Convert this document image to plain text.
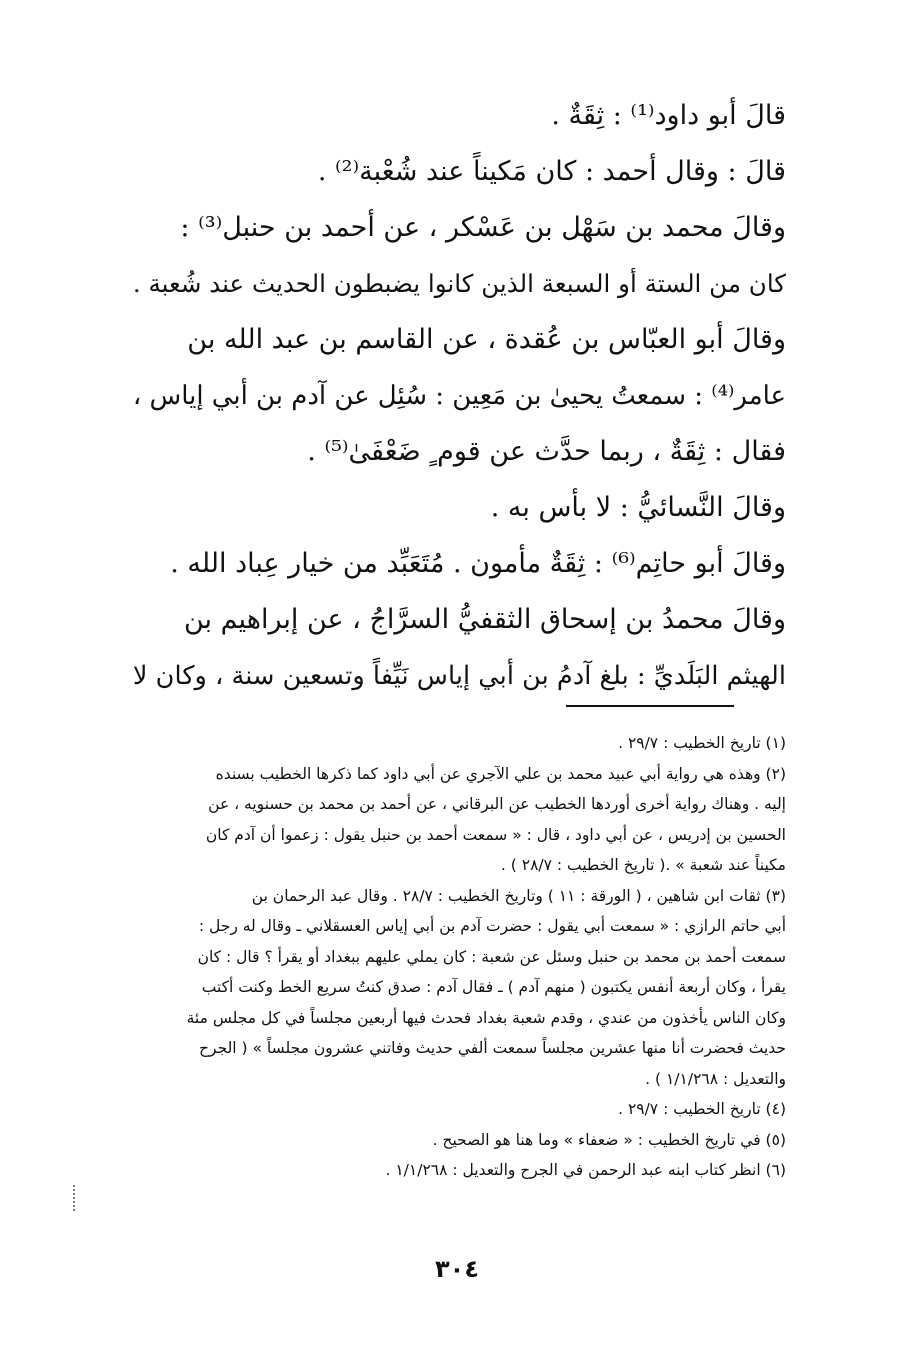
قالَ أبو داود⁽¹⁾ : ثِقَةٌ .

قالَ : وقال أحمد : كان مَكيناً عند شُعْبة⁽²⁾ .

وقالَ محمد بن سَهْل بن عَسْكر ، عن أحمد بن حنبل⁽³⁾ :

كان من الستة أو السبعة الذين كانوا يضبطون الحديث عند شُعبة .

وقالَ أبو العبّاس بن عُقدة ، عن القاسم بن عبد الله بن

عامر⁽⁴⁾ : سمعتُ يحيىٰ بن مَعِين : سُئِل عن آدم بن أبي إياس ،

فقال : ثِقَةٌ ، ربما حدَّث عن قوم ٍ ضَعْفَىٰ⁽⁵⁾ .

وقالَ النَّسائيُّ : لا بأس به .

وقالَ أبو حاتِم⁽⁶⁾ : ثِقَةٌ مأمون . مُتَعَبِّد من خيار عِباد الله .

وقالَ محمدُ بن إسحاق الثقفيُّ السرَّاجُ ، عن إبراهيم بن

الهيثم البَلَديِّ : بلغ آدمُ بن أبي إياس نَيِّفاً وتسعين سنة ، وكان لا

(١) تاريخ الخطيب : ٢٩/٧ .

(٢) وهذه هي رواية أبي عبيد محمد بن علي الآجري عن أبي داود كما ذكرها الخطيب بسنده

إليه . وهناك رواية أخرى أوردها الخطيب عن البرقاني ، عن أحمد بن محمد بن حسنويه ، عن

الحسين بن إدريس ، عن أبي داود ، قال : « سمعت أحمد بن حنبل يقول : زعموا أن آدم كان

مكيناً عند شعبة » .( تاريخ الخطيب : ٢٨/٧ ) .

(٣) ثقات ابن شاهين ، ( الورقة : ١١ ) وتاريخ الخطيب : ٢٨/٧ . وقال عبد الرحمان بن

أبي حاتم الرازي : « سمعت أبي يقول : حضرت آدم بن أبي إياس العسقلاني ـ وقال له رجل :

سمعت أحمد بن محمد بن حنبل وسئل عن شعبة : كان يملي عليهم ببغداد أو يقرأ ؟ قال : كان

يقرأ ، وكان أربعة أنفس يكتبون ( منهم آدم ) ـ فقال آدم : صدق كنتُ سريع الخط وكنت أكتب

وكان الناس يأخذون من عندي ، وقدم شعبة بغداد فحدث فيها أربعين مجلساً في كل مجلس مئة

حديث فحضرت أنا منها عشرين مجلساً سمعت ألفي حديث وفاتني عشرون مجلساً » ( الجرح

والتعديل : ١/١/٢٦٨ ) .

(٤) تاريخ الخطيب : ٢٩/٧ .

(٥) في تاريخ الخطيب : « ضعفاء » وما هنا هو الصحيح .

(٦) انظر كتاب ابنه عبد الرحمن في الجرح والتعديل : ١/١/٢٦٨ .

٣٠٤
